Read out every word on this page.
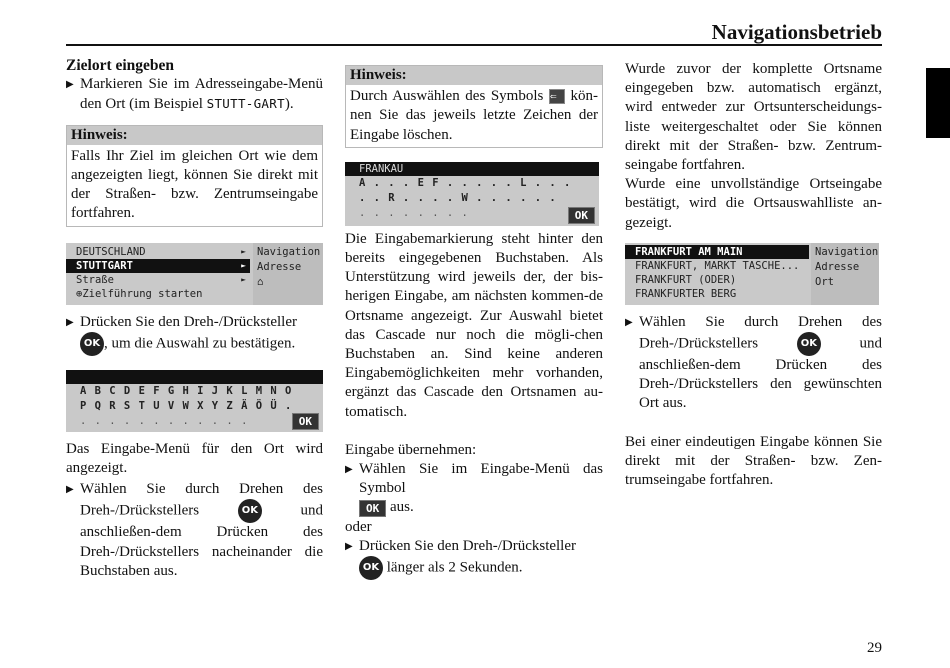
Navigationsbetrieb
29

Zielort eingeben

▶ Markieren Sie im Adresseingabe-Menü den Ort (im Beispiel STUTT-GART).

Hinweis:
Falls Ihr Ziel im gleichen Ort wie dem angezeigten liegt, können Sie direkt mit der Straßen- bzw. Zentrumseingabe fortfahren.
DEUTSCHLAND	►
STUTTGART	►
Straße	►
⊕Zielführung starten
Navigation
Adresse
⌂

▶ Drücken Sie den Dreh-/Drücksteller
OK , um die Auswahl zu bestätigen.

A B C D E F G H I J K L M N O
P Q R S T U V W X Y Z Ä Ö Ü .
. . . . . . . . . . . .	OK

Das Eingabe-Menü für den Ort wird angezeigt.

▶ Wählen Sie durch Drehen des Dreh-/Drückstellers	OK	und anschließen-dem Drücken des Dreh-/Drückstellers nacheinander die Buchstaben aus.

Hinweis:
Durch Auswählen des Symbols ⇐ kön-nen Sie das jeweils letzte Zeichen der Eingabe löschen.
FRANKAU
A . . . E F . . . . . L . . .
. . R . . . . W . . . . . .
. . . . . . . .	OK

Die Eingabemarkierung steht hinter den bereits eingegebenen Buchstaben. Als Unterstützung wird jeweils der, der bis-herigen Eingabe, am nächsten kommen-de Ortsname angezeigt. Zur Auswahl bietet das Cascade nur noch die mögli-chen Buchstaben an. Sind keine anderen Eingabemöglichkeiten mehr vorhanden, ergänzt das Cascade den Ortsnamen au-tomatisch.

Eingabe übernehmen:

▶ Wählen Sie im Eingabe-Menü das Symbol
OK aus.

oder

▶ Drücken Sie den Dreh-/Drücksteller
OK länger als 2 Sekunden.

Wurde zuvor der komplette Ortsname eingegeben bzw. automatisch ergänzt, wird entweder zur Ortsunterscheidungs-liste weitergeschaltet oder Sie können direkt mit der Straßen- bzw. Zentrum-seingabe fortfahren.

Wurde eine unvollständige Ortseingabe bestätigt, wird die Ortsauswahlliste an-gezeigt.

FRANKFURT AM MAIN
FRANKFURT, MARKT TASCHE...
FRANKFURT (ODER)
FRANKFURTER BERG
Navigation
Adresse
Ort

▶ Wählen Sie durch Drehen des Dreh-/Drückstellers	OK	und anschließen-dem Drücken des Dreh-/Drückstellers den gewünschten Ort aus.

Bei einer eindeutigen Eingabe können Sie direkt mit der Straßen- bzw. Zen-trumseingabe fortfahren.
